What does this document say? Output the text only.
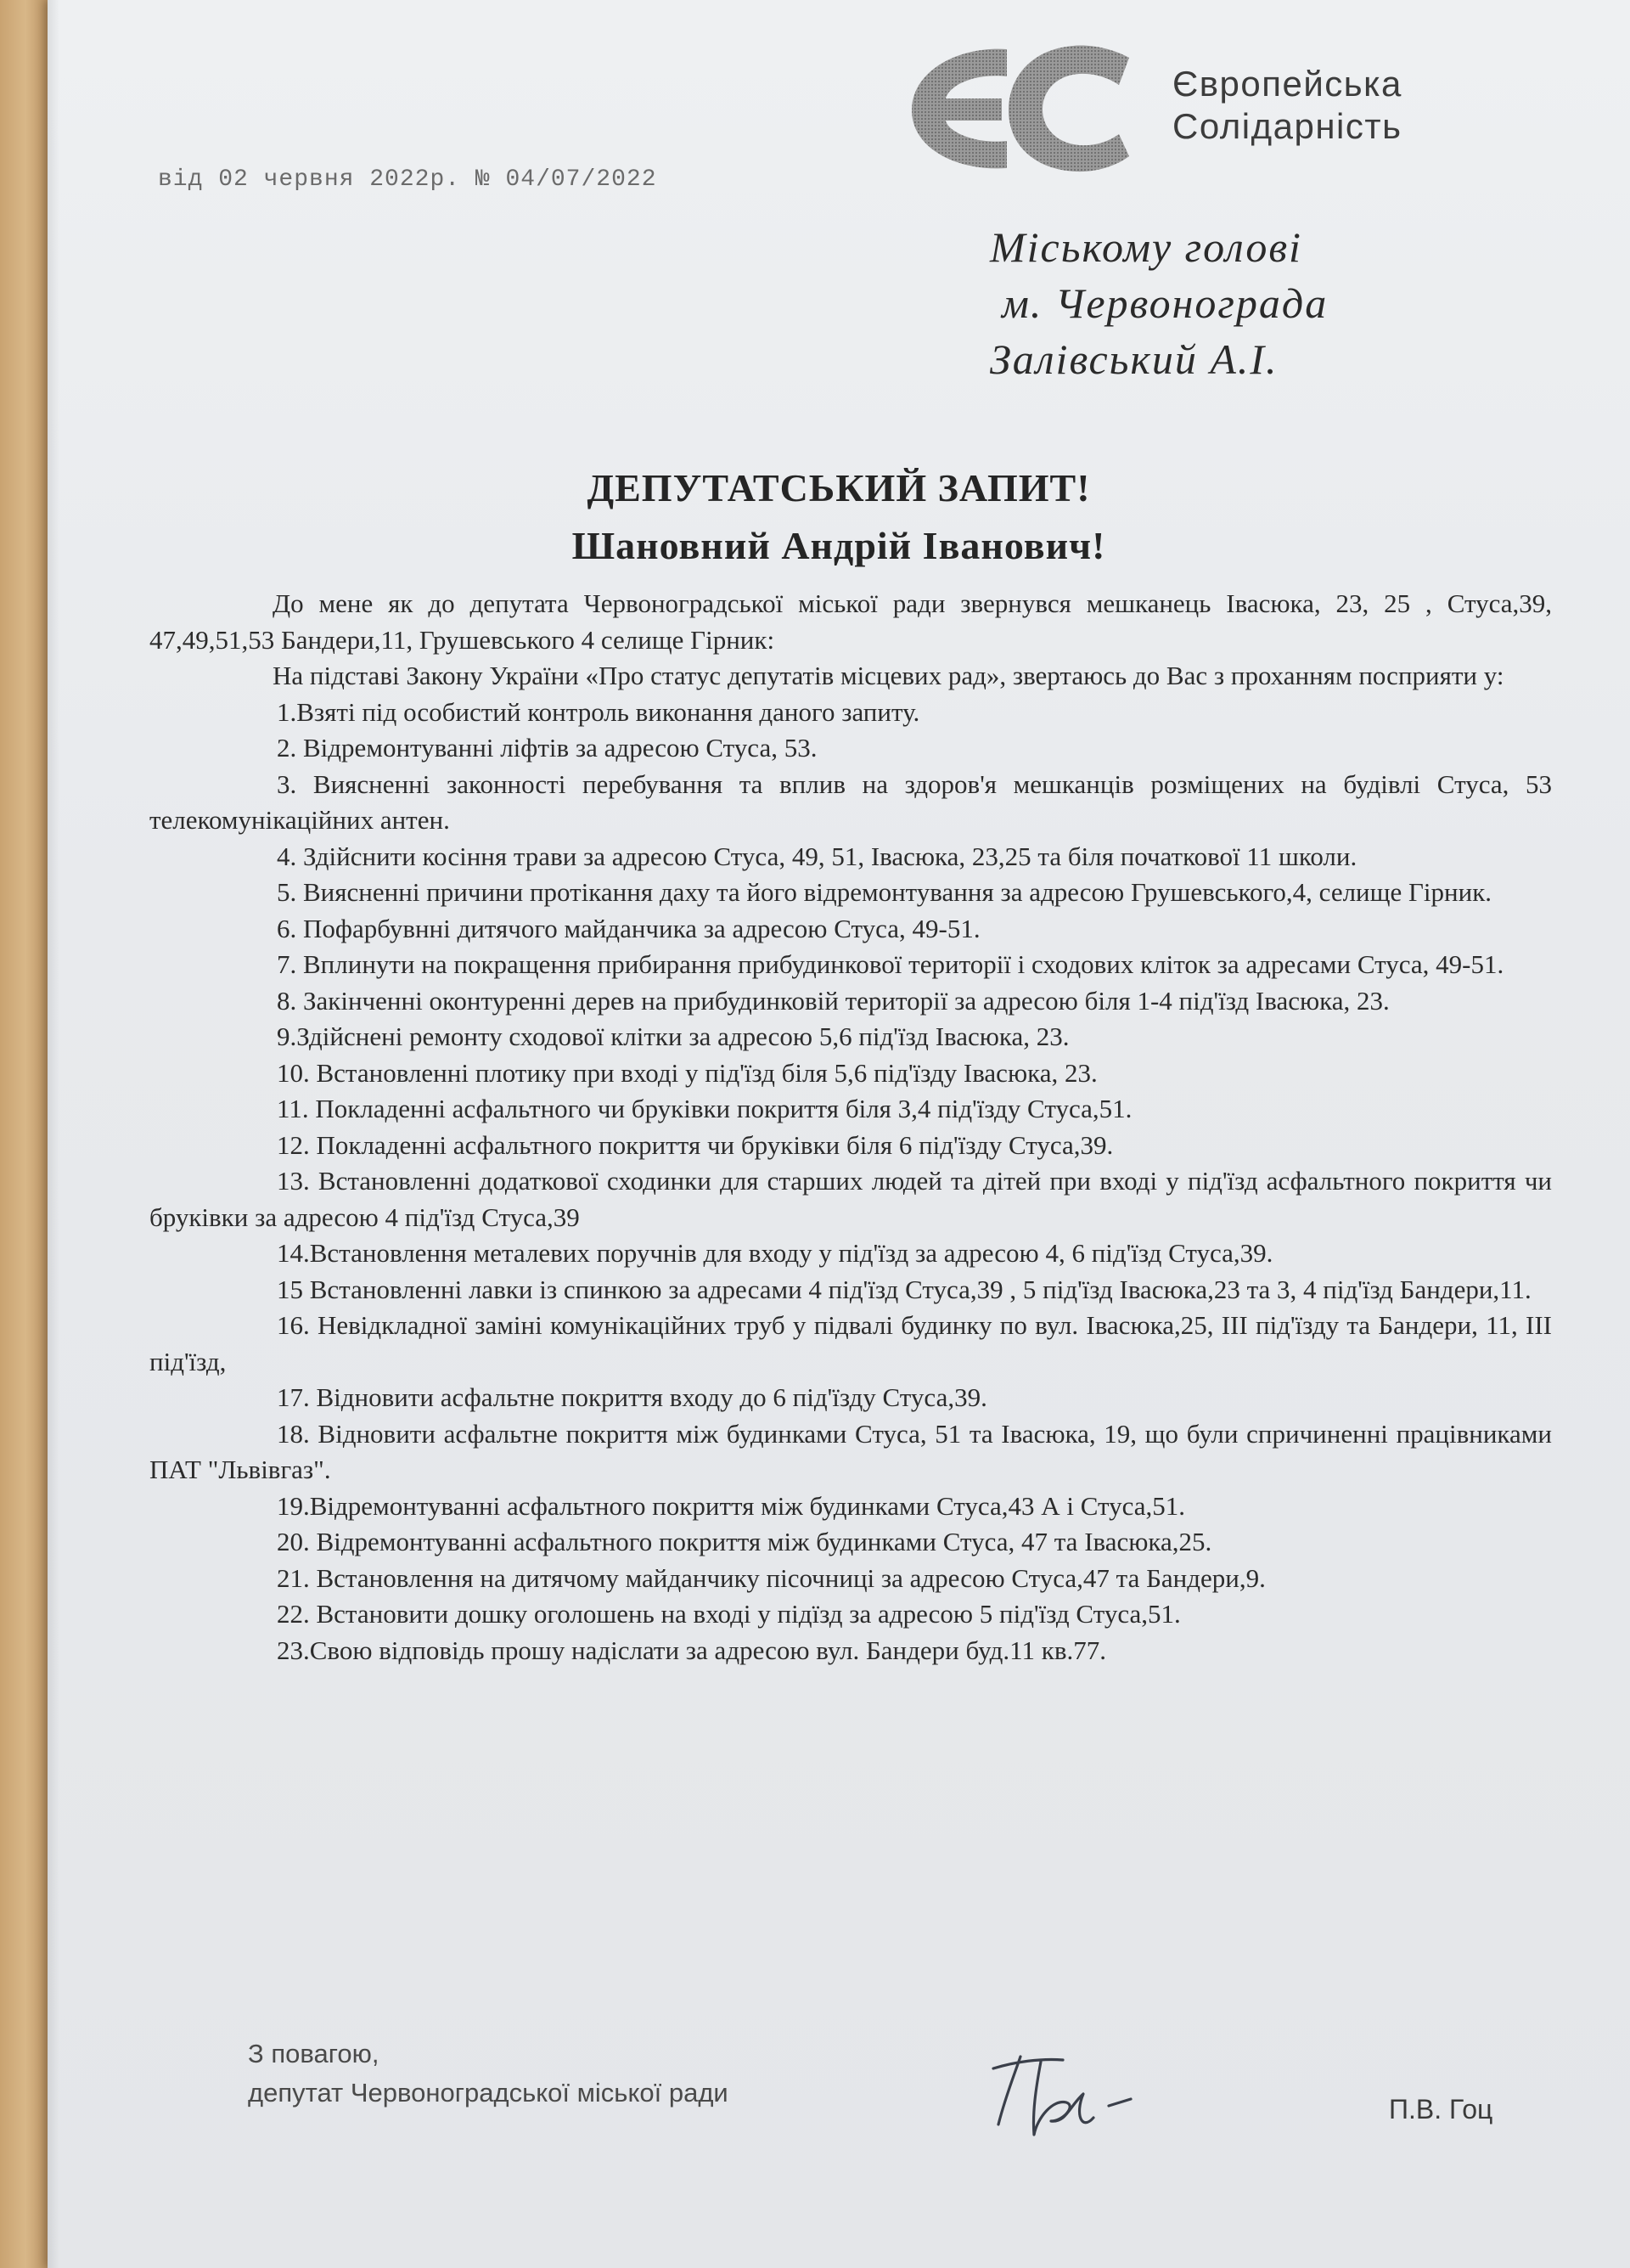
Європейська
Солідарність
від 02 червня 2022р. № 04/07/2022
Міському голові
м. Червонограда
Залівський А.І.
ДЕПУТАТСЬКИЙ ЗАПИТ!
Шановний Андрій Іванович!

До мене як до депутата Червоноградської міської ради звернувся мешканець Івасюка, 23, 25 , Стуса,39, 47,49,51,53 Бандери,11, Грушевського 4 селище Гірник:

На підставі Закону України «Про статус депутатів місцевих рад», звертаюсь до Вас з проханням посприяти у:

1.Взяті під особистий контроль виконання даного запиту.

2. Відремонтуванні ліфтів за адресою Стуса, 53.

3. Виясненні законності перебування та вплив на здоров'я мешканців розміщених на будівлі Стуса, 53 телекомунікаційних антен.

4. Здійснити косіння трави за адресою Стуса, 49, 51, Івасюка, 23,25 та біля початкової 11 школи.

5. Виясненні причини протікання даху та його відремонтування за адресою Грушевського,4, селище Гірник.

6. Пофарбувнні дитячого майданчика за адресою Стуса, 49-51.

7. Вплинути на покращення прибирання прибудинкової території і сходових кліток за адресами Стуса, 49-51.

8. Закінченні оконтуренні дерев на прибудинковій території за адресою біля 1-4 під'їзд Івасюка, 23.

9.Здійснені ремонту сходової клітки за адресою 5,6 під'їзд Івасюка, 23.

10. Встановленні плотику при вході у під'їзд біля 5,6 під'їзду Івасюка, 23.

11. Покладенні асфальтного чи бруківки покриття біля 3,4 під'їзду Стуса,51.

12. Покладенні асфальтного покриття чи бруківки біля 6 під'їзду Стуса,39.

13. Встановленні додаткової сходинки для старших людей та дітей при вході у під'їзд асфальтного покриття чи бруківки за адресою 4 під'їзд Стуса,39

14.Встановлення металевих поручнів для входу у під'їзд за адресою 4, 6 під'їзд Стуса,39.

15 Встановленні лавки із спинкою за адресами 4 під'їзд Стуса,39 , 5 під'їзд Івасюка,23 та 3, 4 під'їзд Бандери,11.

16. Невідкладної заміні комунікаційних труб у підвалі будинку по вул. Івасюка,25, ІІІ під'їзду та Бандери, 11, ІІІ під'їзд,

17. Відновити асфальтне покриття входу до 6 під'їзду Стуса,39.

18. Відновити асфальтне покриття між будинками Стуса, 51 та Івасюка, 19, що були спричиненні працівниками ПАТ "Львівгаз".

19.Відремонтуванні асфальтного покриття між будинками Стуса,43 А і Стуса,51.

20. Відремонтуванні асфальтного покриття між будинками Стуса, 47 та Івасюка,25.

21. Встановлення на дитячому майданчику пісочниці за адресою Стуса,47 та Бандери,9.

22. Встановити дошку оголошень на вході у підїзд за адресою 5 під'їзд Стуса,51.

23.Свою відповідь прошу надіслати за адресою вул. Бандери буд.11 кв.77.

З повагою,
депутат Червоноградської міської ради
П.В. Гоц
